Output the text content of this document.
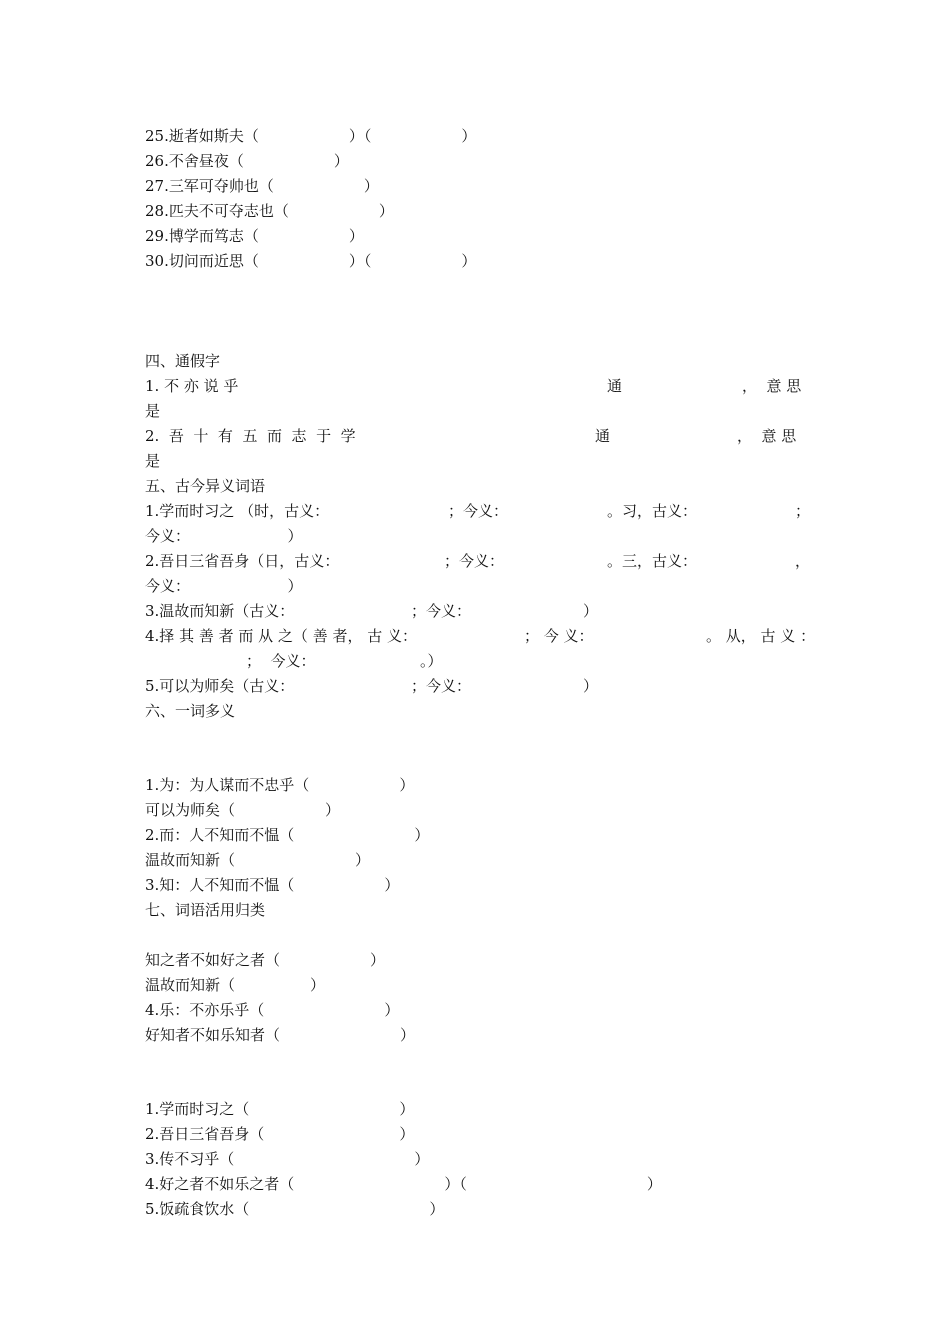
25.逝者如斯夫（　　　　　　）（　　　　　　）
26.不舍昼夜（　　　　　　）
27.三军可夺帅也（　　　　　　）
28.匹夫不可夺志也（　　　　　　）
29.博学而笃志（　　　　　　）
30.切问而近思（　　　　　　）（　　　　　　）
四、通假字
1. 不 亦 说 乎	通	，  意 思
是
2.  吾  十  有  五  而  志  于  学	通	，  意 思
是
五、古今异义词语
1.学而时习之 （时，古义：	；今义：	。习，古义：	；
今义：　　　　　　　）
2.吾日三省吾身（日，古义：	；今义：	。三，古义：	，
今义：　　　　　　　）
3.温故而知新（古义：	；今义：	）
4.择 其 善 者 而 从 之（ 善 者， 古 义：	； 今 义：	。 从， 古 义 ：
；  今义：	。）
5.可以为师矣（古义：	；今义：	）
六、一词多义
1.为：为人谋而不忠乎（　　　　　　）
可以为师矣（　　　　　　）
2.而：人不知而不愠（　　　　　　　　）
温故而知新（　　　　　　　　）
3.知：人不知而不愠（　　　　　　）
七、词语活用归类
知之者不如好之者（　　　　　　）
温故而知新（　　　　　）
4.乐：不亦乐乎（　　　　　　　　）
好知者不如乐知者（　　　　　　　　）
1.学而时习之（　　　　　　　　　　）
2.吾日三省吾身（　　　　　　　　　）
3.传不习乎（　　　　　　　　　　　　）
4.好之者不如乐之者（　　　　　　　　　　）（　　　　　　　　　　　　）
5.饭疏食饮水（　　　　　　　　　　　　）
